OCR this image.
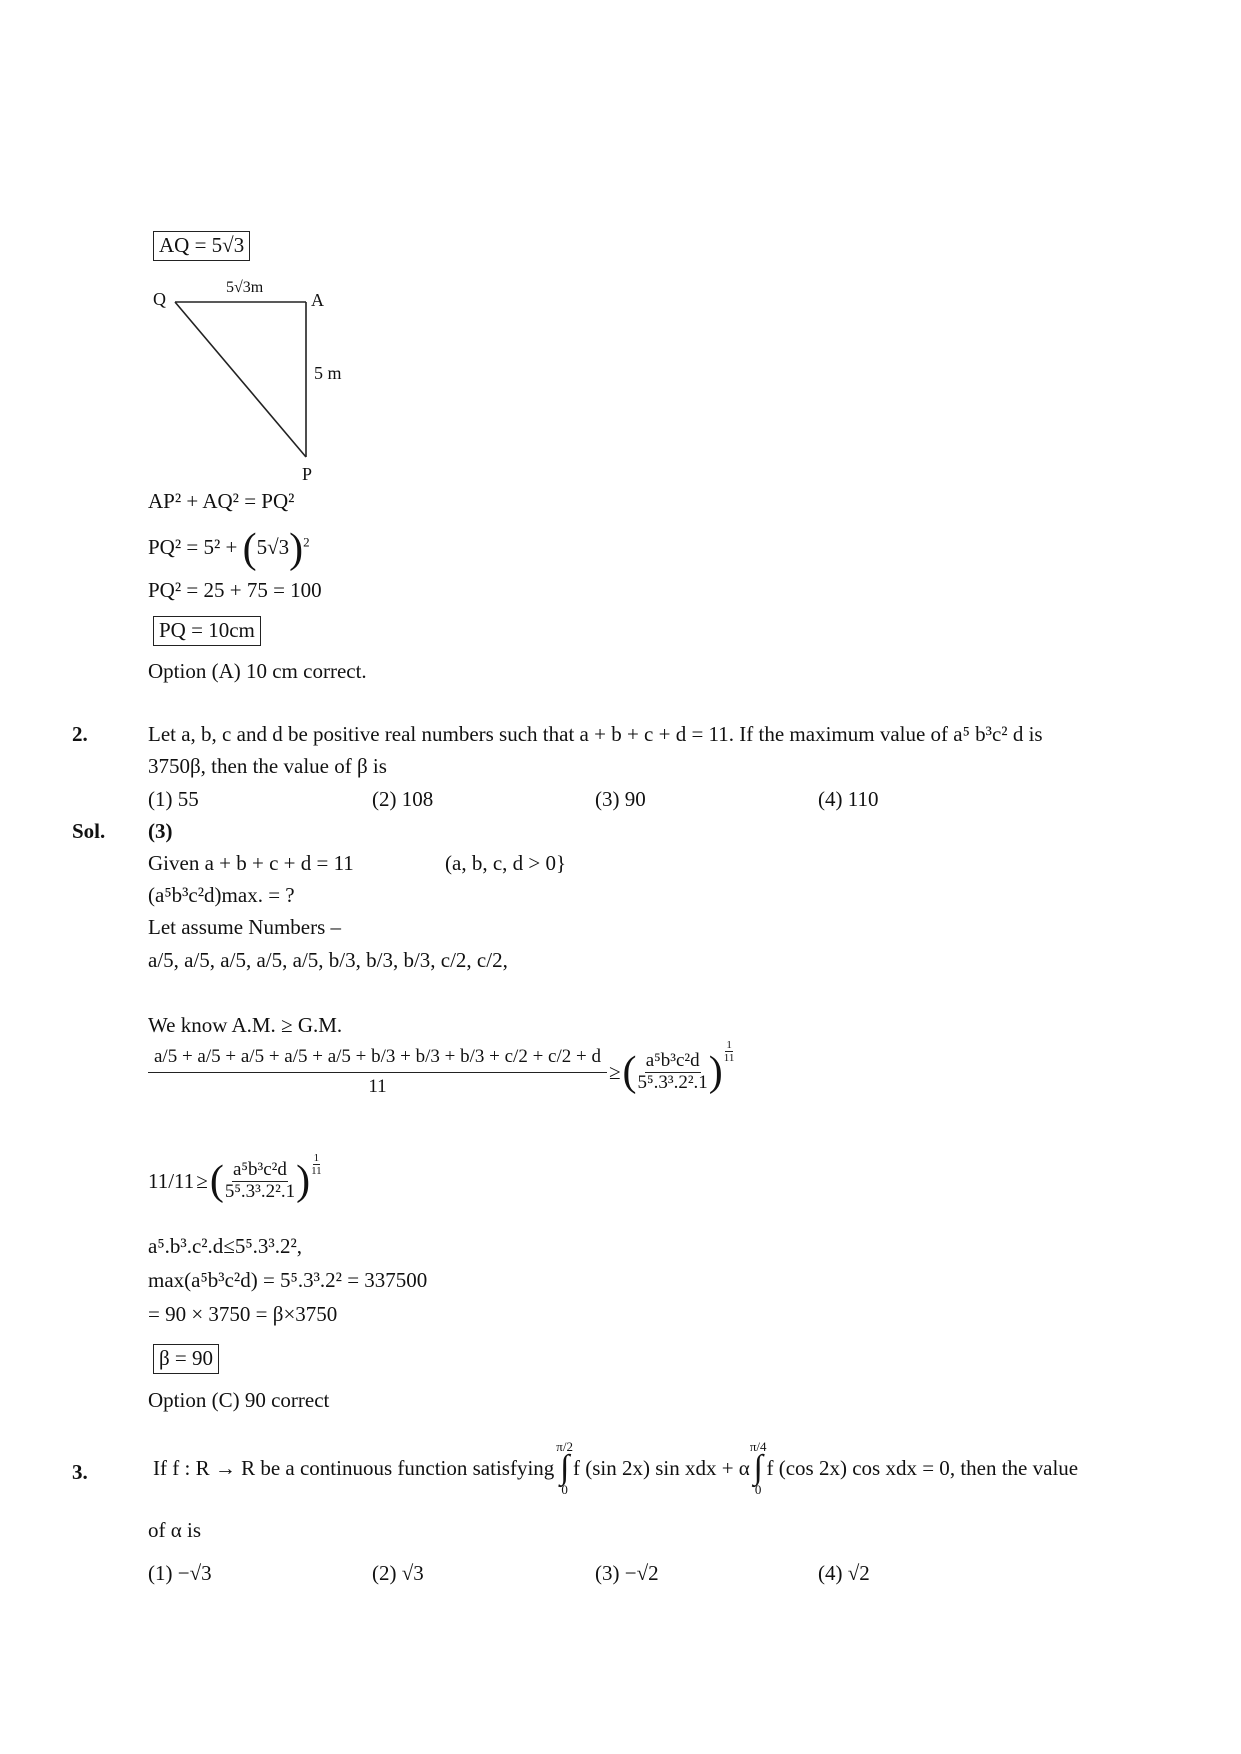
AQ = 5√3
Q	A
P
5√3m
5 m
AP² + AQ² = PQ²
$PQ^2 = 5^2 + (5√3)^2$
PQ² = 25 + 75 = 100
PQ = 10cm
Option (A) 10 cm correct.
2.	Let a, b, c and d be positive real numbers such that a + b + c + d = 11. If the maximum value of a⁵ b³c² d is
3750β, then the value of β is
(1) 55	(2) 108	(3) 90	(4) 110
Sol. (3)
Given a + b + c + d = 11	(a, b, c, d > 0}
(a⁵b³c²d)max. = ?
Let assume Numbers –
a/5, a/5, a/5, a/5, a/5, b/3, b/3, b/3, c/2, c/2,
We know A.M. ≥ G.M.
a/5 + a/5 + a/5 + a/5 + a/5 + b/3 + b/3 + b/3 + c/2 + c/2 + d
11
≥ ( $\frac{\text{a⁵b³c²d}}{\text{5⁵.3³.2².1}}$ ) $\frac{1}{11}$
11/11 ≥ ( $\frac{\text{a⁵b³c²d}}{\text{5⁵.3³.2².1}}$ ) $\frac{1}{11}$
a⁵.b³.c².d≤5⁵.3³.2²,
max(a⁵b³c²d) = 5⁵.3³.2² = 337500
= 90 × 3750 = β×3750
β = 90
Option (C) 90 correct
3.	If f : R → R be a continuous function satisfying
π/2
∫
0
f (sin 2x) sin xdx + α
π/4
∫
0
f (cos 2x) cos xdx = 0 , then the value
of α is
(1) −√3	(2) √3	(3) −√2	(4) √2
